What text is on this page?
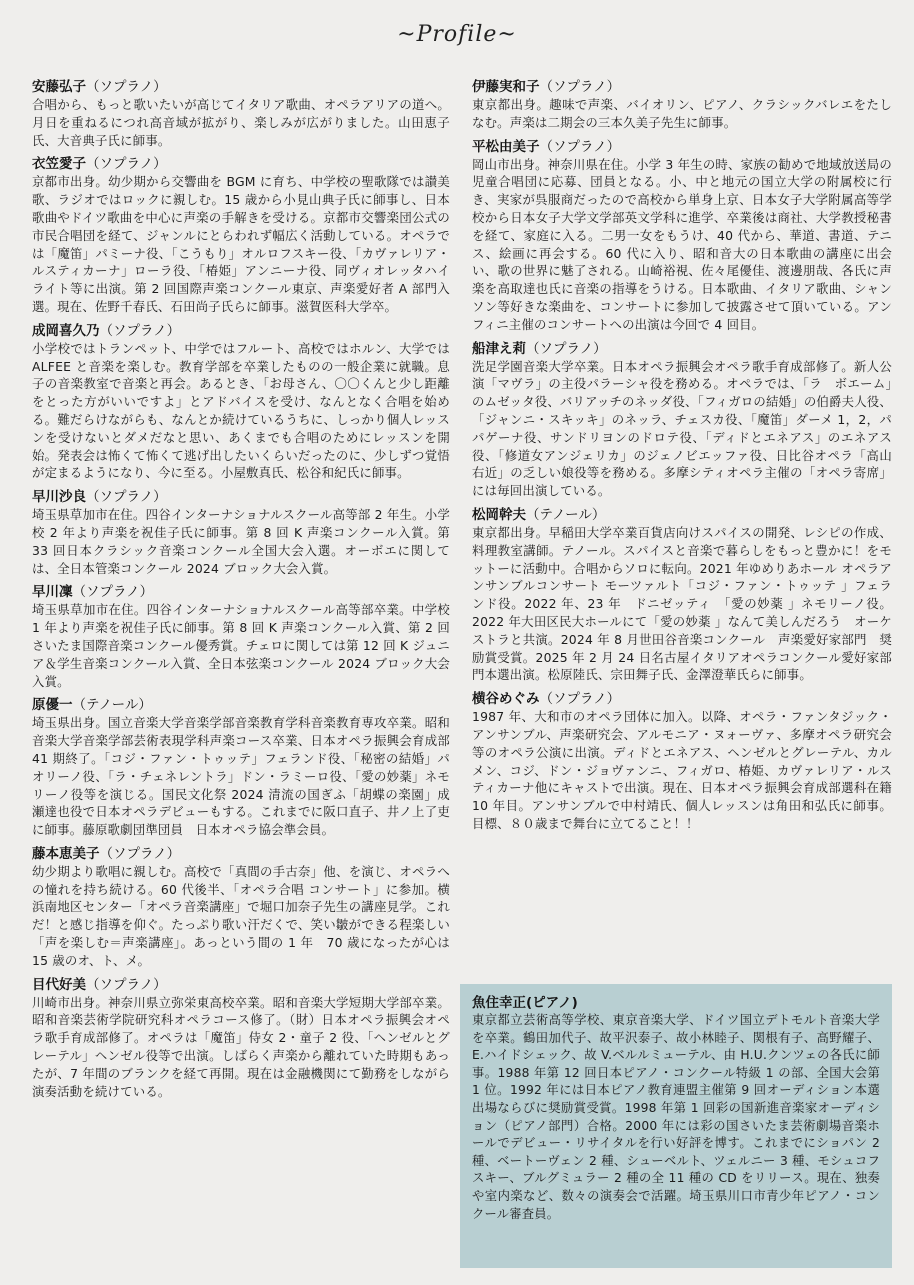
~Profile~
安藤弘子（ソプラノ）

合唱から、もっと歌いたいが高じてイタリア歌曲、オペラアリアの道へ。月日を重ねるにつれ高音域が拡がり、楽しみが広がりました。山田恵子氏、大音典子氏に師事。

衣笠愛子（ソプラノ）

京都市出身。幼少期から交響曲を BGM に育ち、中学校の聖歌隊では讃美歌、ラジオではロックに親しむ。15 歳から小見山典子氏に師事し、日本歌曲やドイツ歌曲を中心に声楽の手解きを受ける。京都市交響楽団公式の市民合唱団を経て、ジャンルにとらわれず幅広く活動している。オペラでは「魔笛」パミーナ役、「こうもり」オルロフスキー役、「カヴァレリア・ルスティカーナ」ローラ役、「椿姫」アンニーナ役、同ヴィオレッタハイライト等に出演。第 2 回国際声楽コンクール東京、声楽愛好者 A 部門入選。現在、佐野千春氏、石田尚子氏らに師事。滋賀医科大学卒。

成岡喜久乃（ソプラノ）

小学校ではトランペット、中学ではフルート、高校ではホルン、大学では ALFEE と音楽を楽しむ。教育学部を卒業したものの一般企業に就職。息子の音楽教室で音楽と再会。あるとき、「お母さん、〇〇くんと少し距離をとった方がいいですよ」とアドバイスを受け、なんとなく合唱を始める。難だらけながらも、なんとか続けているうちに、しっかり個人レッスンを受けないとダメだなと思い、あくまでも合唱のためにレッスンを開始。発表会は怖くて怖くて逃げ出したいくらいだったのに、少しずつ覚悟が定まるようになり、今に至る。小屋敷真氏、松谷和紀氏に師事。

早川沙良（ソプラノ）

埼玉県草加市在住。四谷インターナショナルスクール高等部 2 年生。小学校 2 年より声楽を祝佳子氏に師事。第 8 回 K 声楽コンクール入賞。第 33 回日本クラシック音楽コンクール全国大会入選。オーボエに関しては、全日本管楽コンクール 2024 ブロック大会入賞。

早川凜（ソプラノ）

埼玉県草加市在住。四谷インターナショナルスクール高等部卒業。中学校 1 年より声楽を祝佳子氏に師事。第 8 回 K 声楽コンクール入賞、第 2 回さいたま国際音楽コンクール優秀賞。チェロに関しては第 12 回 K ジュニア＆学生音楽コンクール入賞、全日本弦楽コンクール 2024 ブロック大会入賞。

原優一（テノール）

埼玉県出身。国立音楽大学音楽学部音楽教育学科音楽教育専攻卒業。昭和音楽大学音楽学部芸術表現学科声楽コース卒業、日本オペラ振興会育成部 41 期終了。「コジ・ファン・トゥッテ」フェランド役、「秘密の結婚」パオリーノ役、「ラ・チェネレントラ」ドン・ラミーロ役、「愛の妙薬」ネモリーノ役等を演じる。国民文化祭 2024 清流の国ぎふ「胡蝶の楽園」成瀬達也役で日本オペラデビューもする。これまでに阪口直子、井ノ上了吏に師事。藤原歌劇団準団員　日本オペラ協会準会員。

藤本恵美子（ソプラノ）

幼少期より歌唱に親しむ。高校で「真間の手古奈」他、を演じ、オペラへの憧れを持ち続ける。60 代後半、「オペラ合唱 コンサート」に参加。横浜南地区センター「オペラ音楽講座」で堀口加奈子先生の講座見学。これだ！と感じ指導を仰ぐ。たっぷり歌い汗だくで、笑い皺ができる程楽しい「声を楽しむ＝声楽講座」。あっという間の 1 年　70 歳になったが心は 15 歳のオ、ト、メ。

目代好美（ソプラノ）

川崎市出身。神奈川県立弥栄東高校卒業。昭和音楽大学短期大学部卒業。昭和音楽芸術学院研究科オペラコース修了。（財）日本オペラ振興会オペラ歌手育成部修了。オペラは「魔笛」侍女 2・童子 2 役、「ヘンゼルとグレーテル」ヘンゼル役等で出演。しばらく声楽から離れていた時期もあったが、7 年間のブランクを経て再開。現在は金融機関にて勤務をしながら演奏活動を続けている。

伊藤実和子（ソプラノ）

東京都出身。趣味で声楽、バイオリン、ピアノ、クラシックバレエをたしなむ。声楽は二期会の三本久美子先生に師事。

平松由美子（ソプラノ）

岡山市出身。神奈川県在住。小学 3 年生の時、家族の勧めで地域放送局の児童合唱団に応募、団員となる。小、中と地元の国立大学の附属校に行き、実家が呉服商だったので高校から単身上京、日本女子大学附属高等学校から日本女子大学文学部英文学科に進学、卒業後は商社、大学教授秘書を経て、家庭に入る。二男一女をもうけ、40 代から、華道、書道、テニス、絵画に再会する。60 代に入り、昭和音大の日本歌曲の講座に出会い、歌の世界に魅了される。山崎裕視、佐々尾優佳、渡邊朋哉、各氏に声楽を高取達也氏に音楽の指導をうける。日本歌曲、イタリア歌曲、シャンソン等好きな楽曲を、コンサートに参加して披露させて頂いている。アンフィニ主催のコンサートへの出演は今回で 4 回目。

船津え莉（ソプラノ）

洗足学園音楽大学卒業。日本オペラ振興会オペラ歌手育成部修了。新人公演「マヴラ」の主役パラーシャ役を務める。オペラでは、「ラ　ボエーム」のムゼッタ役、バリアッチのネッダ役、「フィガロの結婚」の伯爵夫人役、「ジャンニ・スキッキ」のネッラ、チェスカ役、「魔笛」ダーメ 1，2，パパゲーナ役、サンドリヨンのドロテ役、「ディドとエネアス」のエネアス役、「修道女アンジェリカ」のジェノビエッファ役、日比谷オペラ「高山右近」の乏しい娘役等を務める。多摩シティオペラ主催の「オペラ寄席」には毎回出演している。

松岡幹夫（テノール）

東京都出身。早稲田大学卒業百貨店向けスパイスの開発、レシピの作成、料理教室講師。テノール。スパイスと音楽で暮らしをもっと豊かに！をモットーに活動中。合唱からソロに転向。2021 年ゆめりあホール オペラアンサンブルコンサート モーツァルト「コジ・ファン・トゥッテ 」フェランド役。2022 年、23 年　ドニゼッティ　「愛の妙薬 」ネモリーノ役。2022 年大田区民大ホールにて「愛の妙薬 」なんて美しんだろう　オーケストラと共演。2024 年 8 月世田谷音楽コンクール　声楽愛好家部門　奨励賞受賞。2025 年 2 月 24 日名古屋イタリアオペラコンクール愛好家部門本選出演。松原陸氏、宗田舞子氏、金澤澄華氏らに師事。

横谷めぐみ（ソプラノ）

1987 年、大和市のオペラ団体に加入。以降、オペラ・ファンタジック・アンサンブル、声楽研究会、アルモニア・ヌォーヴァ、多摩オペラ研究会等のオペラ公演に出演。ディドとエネアス、ヘンゼルとグレーテル、カルメン、コジ、ドン・ジョヴァンニ、フィガロ、椿姫、カヴァレリア・ルスティカーナ他にキャストで出演。現在、日本オペラ振興会育成部選科在籍 10 年目。アンサンブルで中村靖氏、個人レッスンは角田和弘氏に師事。目標、８０歳まで舞台に立てること！！

魚住幸正(ピアノ)

東京都立芸術高等学校、東京音楽大学、ドイツ国立デトモルト音楽大学を卒業。鶴田加代子、故平沢泰子、故小林睦子、関根有子、高野耀子、E.ハイドシェック、故 V.ベルルミューテル、由 H.U.クンツェの各氏に師事。1988 年第 12 回日本ピアノ・コンクール特級 1 の部、全国大会第 1 位。1992 年には日本ピアノ教育連盟主催第 9 回オーディション本選出場ならびに奨励賞受賞。1998 年第 1 回彩の国新進音楽家オーディション（ピアノ部門）合格。2000 年には彩の国さいたま芸術劇場音楽ホールでデビュー・リサイタルを行い好評を博す。これまでにショパン 2 種、ベートーヴェン 2 種、シューベルト、ツェルニー 3 種、モシュコフスキー、ブルグミュラー 2 種の全 11 種の CD をリリース。現在、独奏や室内楽など、数々の演奏会で活躍。埼玉県川口市青少年ピアノ・コンクール審査員。
